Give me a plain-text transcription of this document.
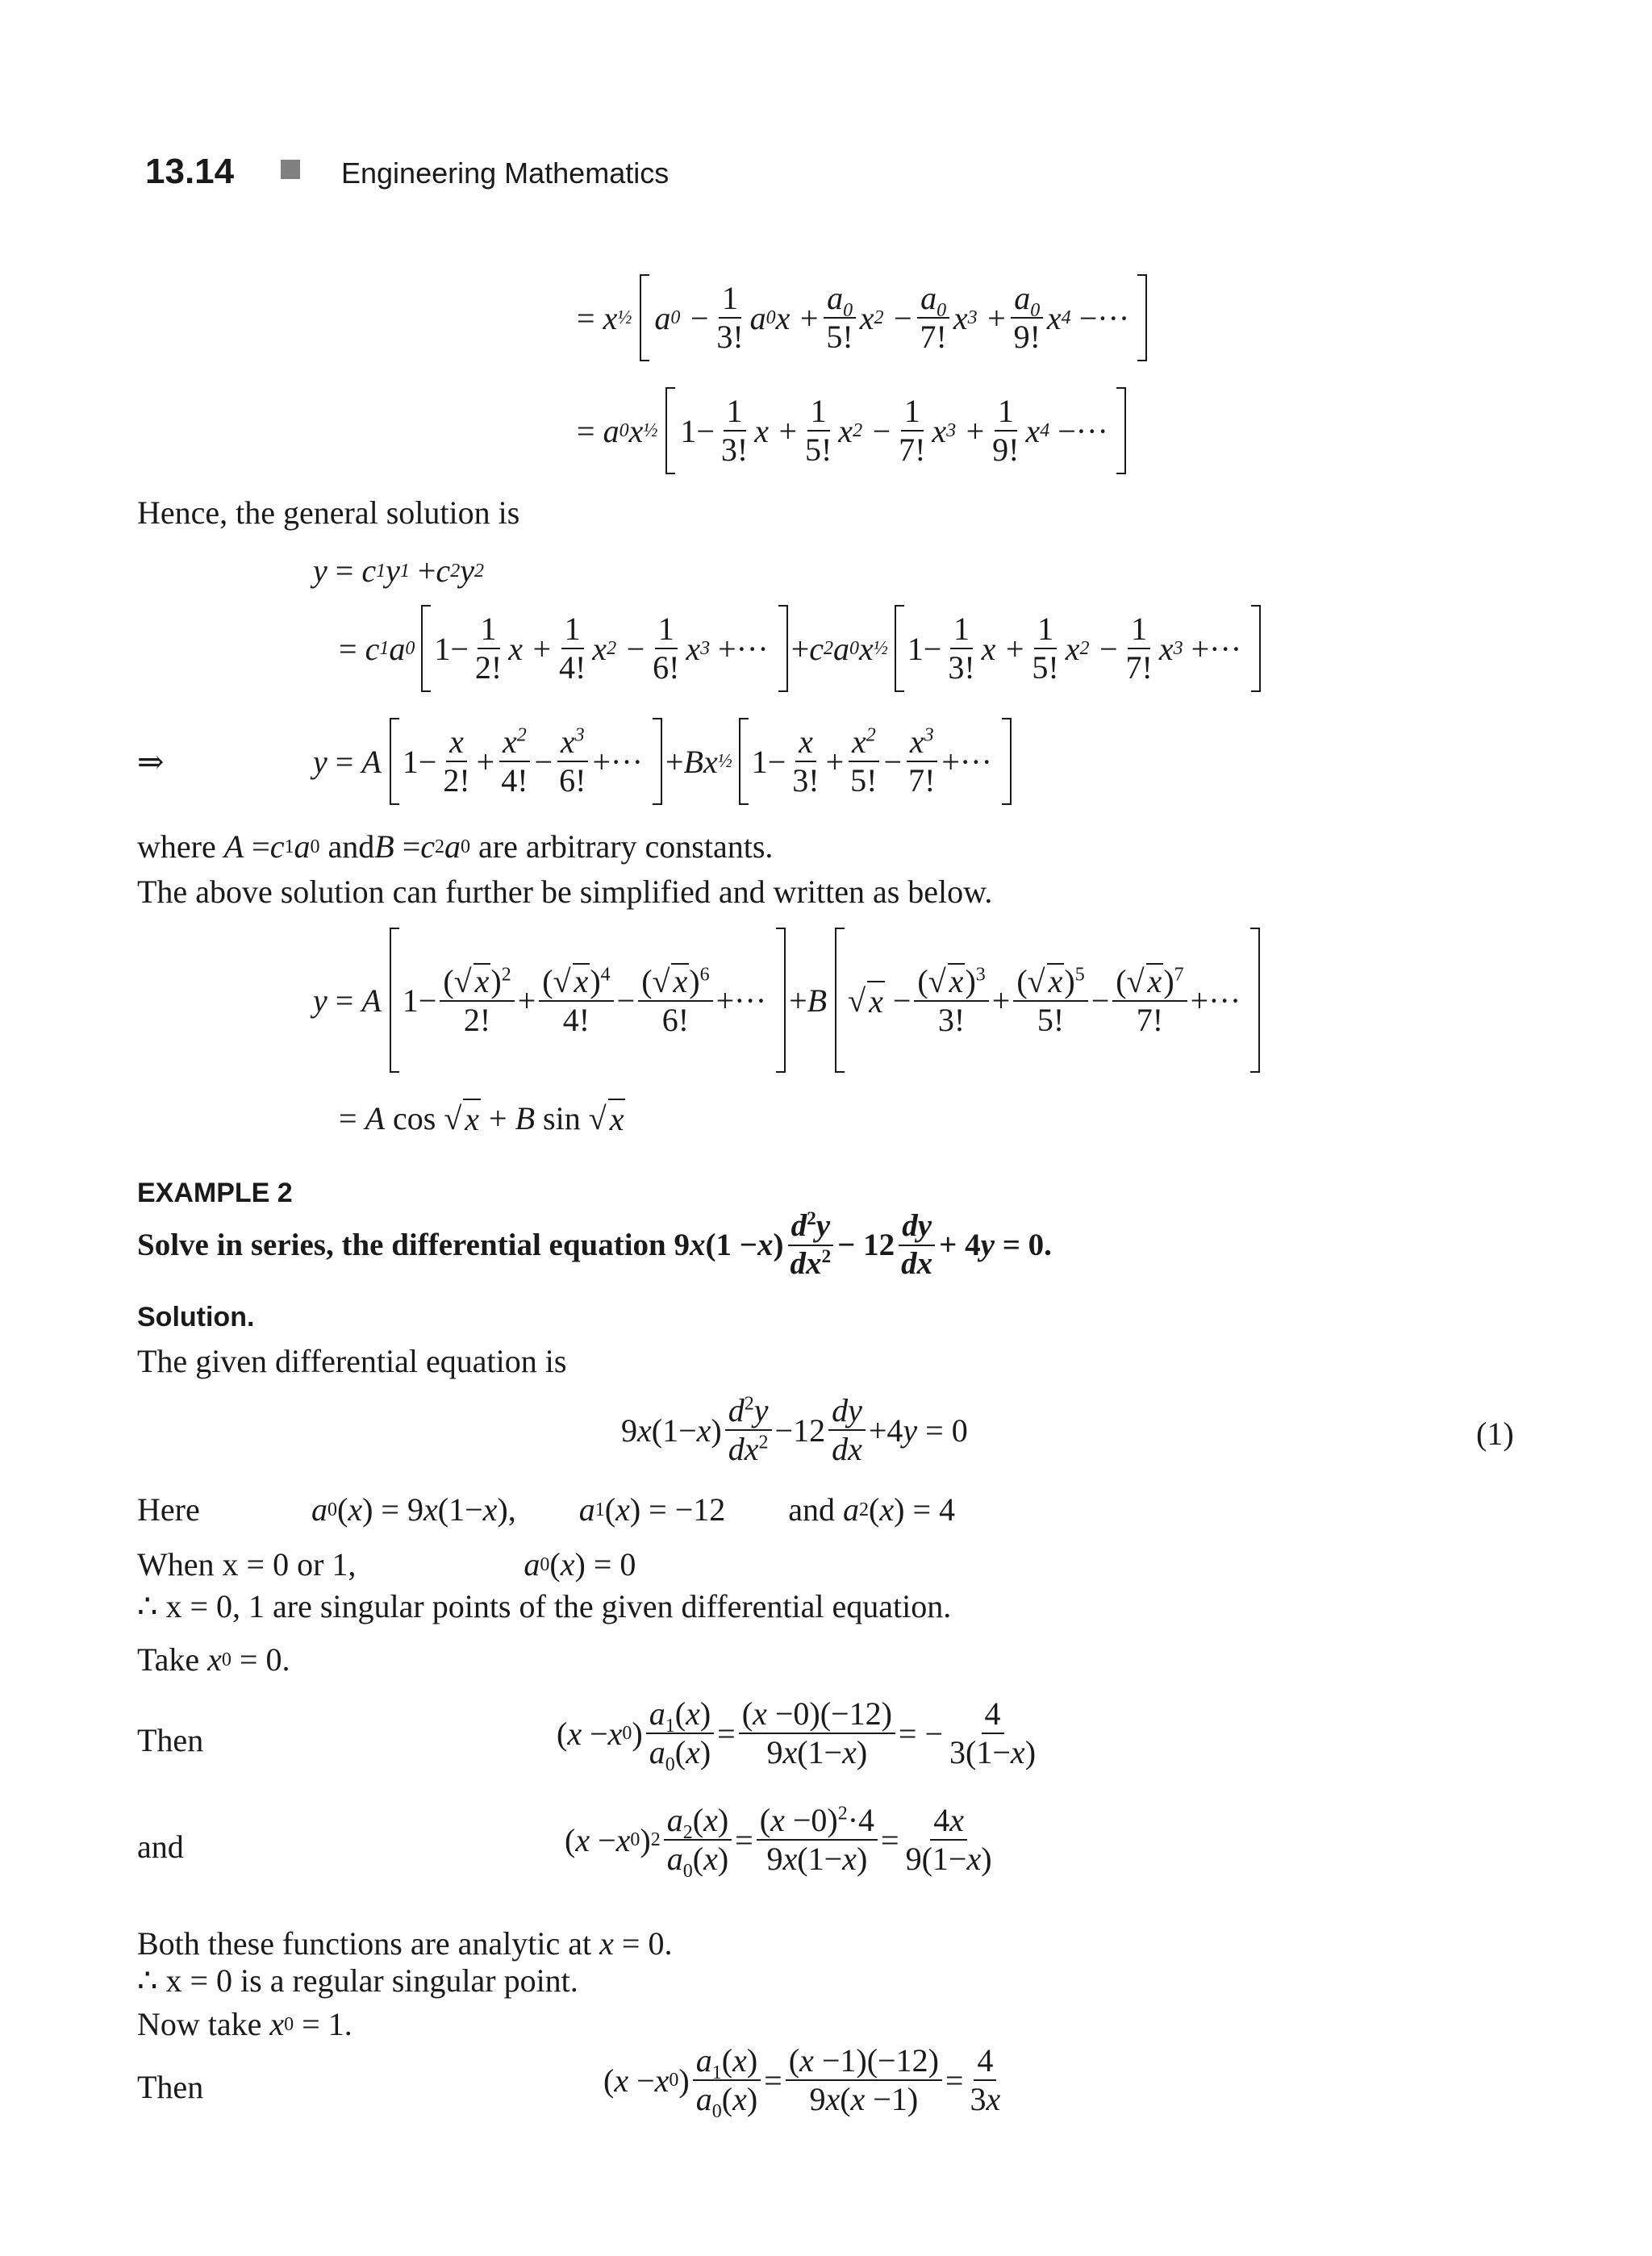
13.14	Engineering Mathematics
= x ½ a $0 - \frac{1}{3!}$ a 0 $x + \frac{a_0}{5!}$ x $2 - \frac{a_0}{7!}$ x $3 + \frac{a_0}{9!}$ x 4
−···
= a 0 x ½ $1- \frac{1}{3!}$ $x + \frac{1}{5!}$ x $2 - \frac{1}{7!}$ x $3 + \frac{1}{9!}$ x 4
−···
Hence, the general solution is
y = c 1 y 1 + c 2 y 2
= c 1 a 0 $1- \frac{1}{2!}$ $x + \frac{1}{4!}$ x $2 - \frac{1}{6!}$ x 3
+··· + c 2 a 0 x ½ $1- \frac{1}{3!}$ $x + \frac{1}{5!}$ x $2 - \frac{1}{7!}$ x 3
+···
⇒	y = A $1- \frac{x}{2!} + \frac{x^2}{4!} - \frac{x^3}{6!}$ +··· + Bx ½ $1- \frac{x}{3!} + \frac{x^2}{5!} - \frac{x^3}{7!}$ +···
where
A = c 1 a 0 and B = c 2 a 0
are arbitrary constants.
The above solution can further be simplified and written as below.
y = A $1- \frac{(√ x)^2}{2!} + \frac{(√ x)^4}{4!} - \frac{(√ x)^6}{6!}$ +··· + B √ $x - \frac{(√ x)^3}{3!} + \frac{(√ x)^5}{5!} - \frac{(√ x)^7}{7!}$ +···
= A cos √ x + B sin √ x
EXAMPLE 2
Solve in series, the differential equation 9 x (1 − x ) $\frac{d^2y}{dx^2} - 12 \frac{dy}{dx} + 4$ y = 0.
Solution.
The given differential equation is
9 x (1− x ) $\frac{d^2y}{dx^2} -12 \frac{dy}{dx} +4$ y = 0	(1)
Here	a 0 ( x ) = 9 x (1− x ), a 1 ( x ) = −12
and a 2 ( x ) = 4
When
x = 0 or 1,	a 0 ( x ) = 0
∴ x = 0, 1 are singular points of the given differential equation.
Take
x 0 = 0.
Then	( x − x 0 ) $\frac{a_1(x)}{a_0(x)} = \frac{(x -0)(-12)}{9x(1-x)}$ = − $\frac{4}{3(1-x)}$
and	( x − x 0 ) $2 \frac{a_2(x)}{a_0(x)} = \frac{(x -0)^2\cdot 4}{9x(1-x)} = \frac{4x}{9(1-x)}$
Both these functions are analytic at
x = 0.
∴ x = 0 is a regular singular point.
Now take
x 0 = 1.
Then	( x − x 0 ) $\frac{a_1(x)}{a_0(x)} = \frac{(x -1)(-12)}{9x(x -1)} = \frac{4}{3x}$
